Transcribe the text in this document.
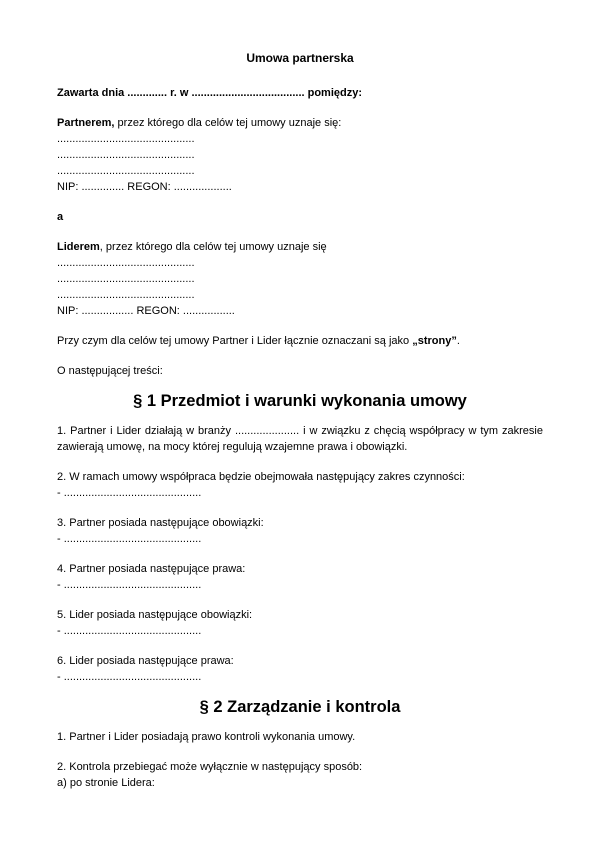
Umowa partnerska

Zawarta dnia ............. r. w ..................................... pomiędzy:

Partnerem, przez którego dla celów tej umowy uznaje się:
.............................................
.............................................
.............................................
NIP: .............. REGON: ...................

a

Liderem, przez którego dla celów tej umowy uznaje się
.............................................
.............................................
.............................................
NIP: ................. REGON: .................

Przy czym dla celów tej umowy Partner i Lider łącznie oznaczani są jako „strony”.

O następującej treści:

§ 1 Przedmiot i warunki wykonania umowy

1. Partner i Lider działają w branży ..................... i w związku z chęcią współpracy w tym zakresie zawierają umowę, na mocy której regulują wzajemne prawa i obowiązki.

2. W ramach umowy współpraca będzie obejmowała następujący zakres czynności:
- .............................................
3. Partner posiada następujące obowiązki:
- .............................................
4. Partner posiada następujące prawa:
- .............................................
5. Lider posiada następujące obowiązki:
- .............................................
6. Lider posiada następujące prawa:
- .............................................
§ 2 Zarządzanie i kontrola

1. Partner i Lider posiadają prawo kontroli wykonania umowy.

2. Kontrola przebiegać może wyłącznie w następujący sposób:
a) po stronie Lidera:
